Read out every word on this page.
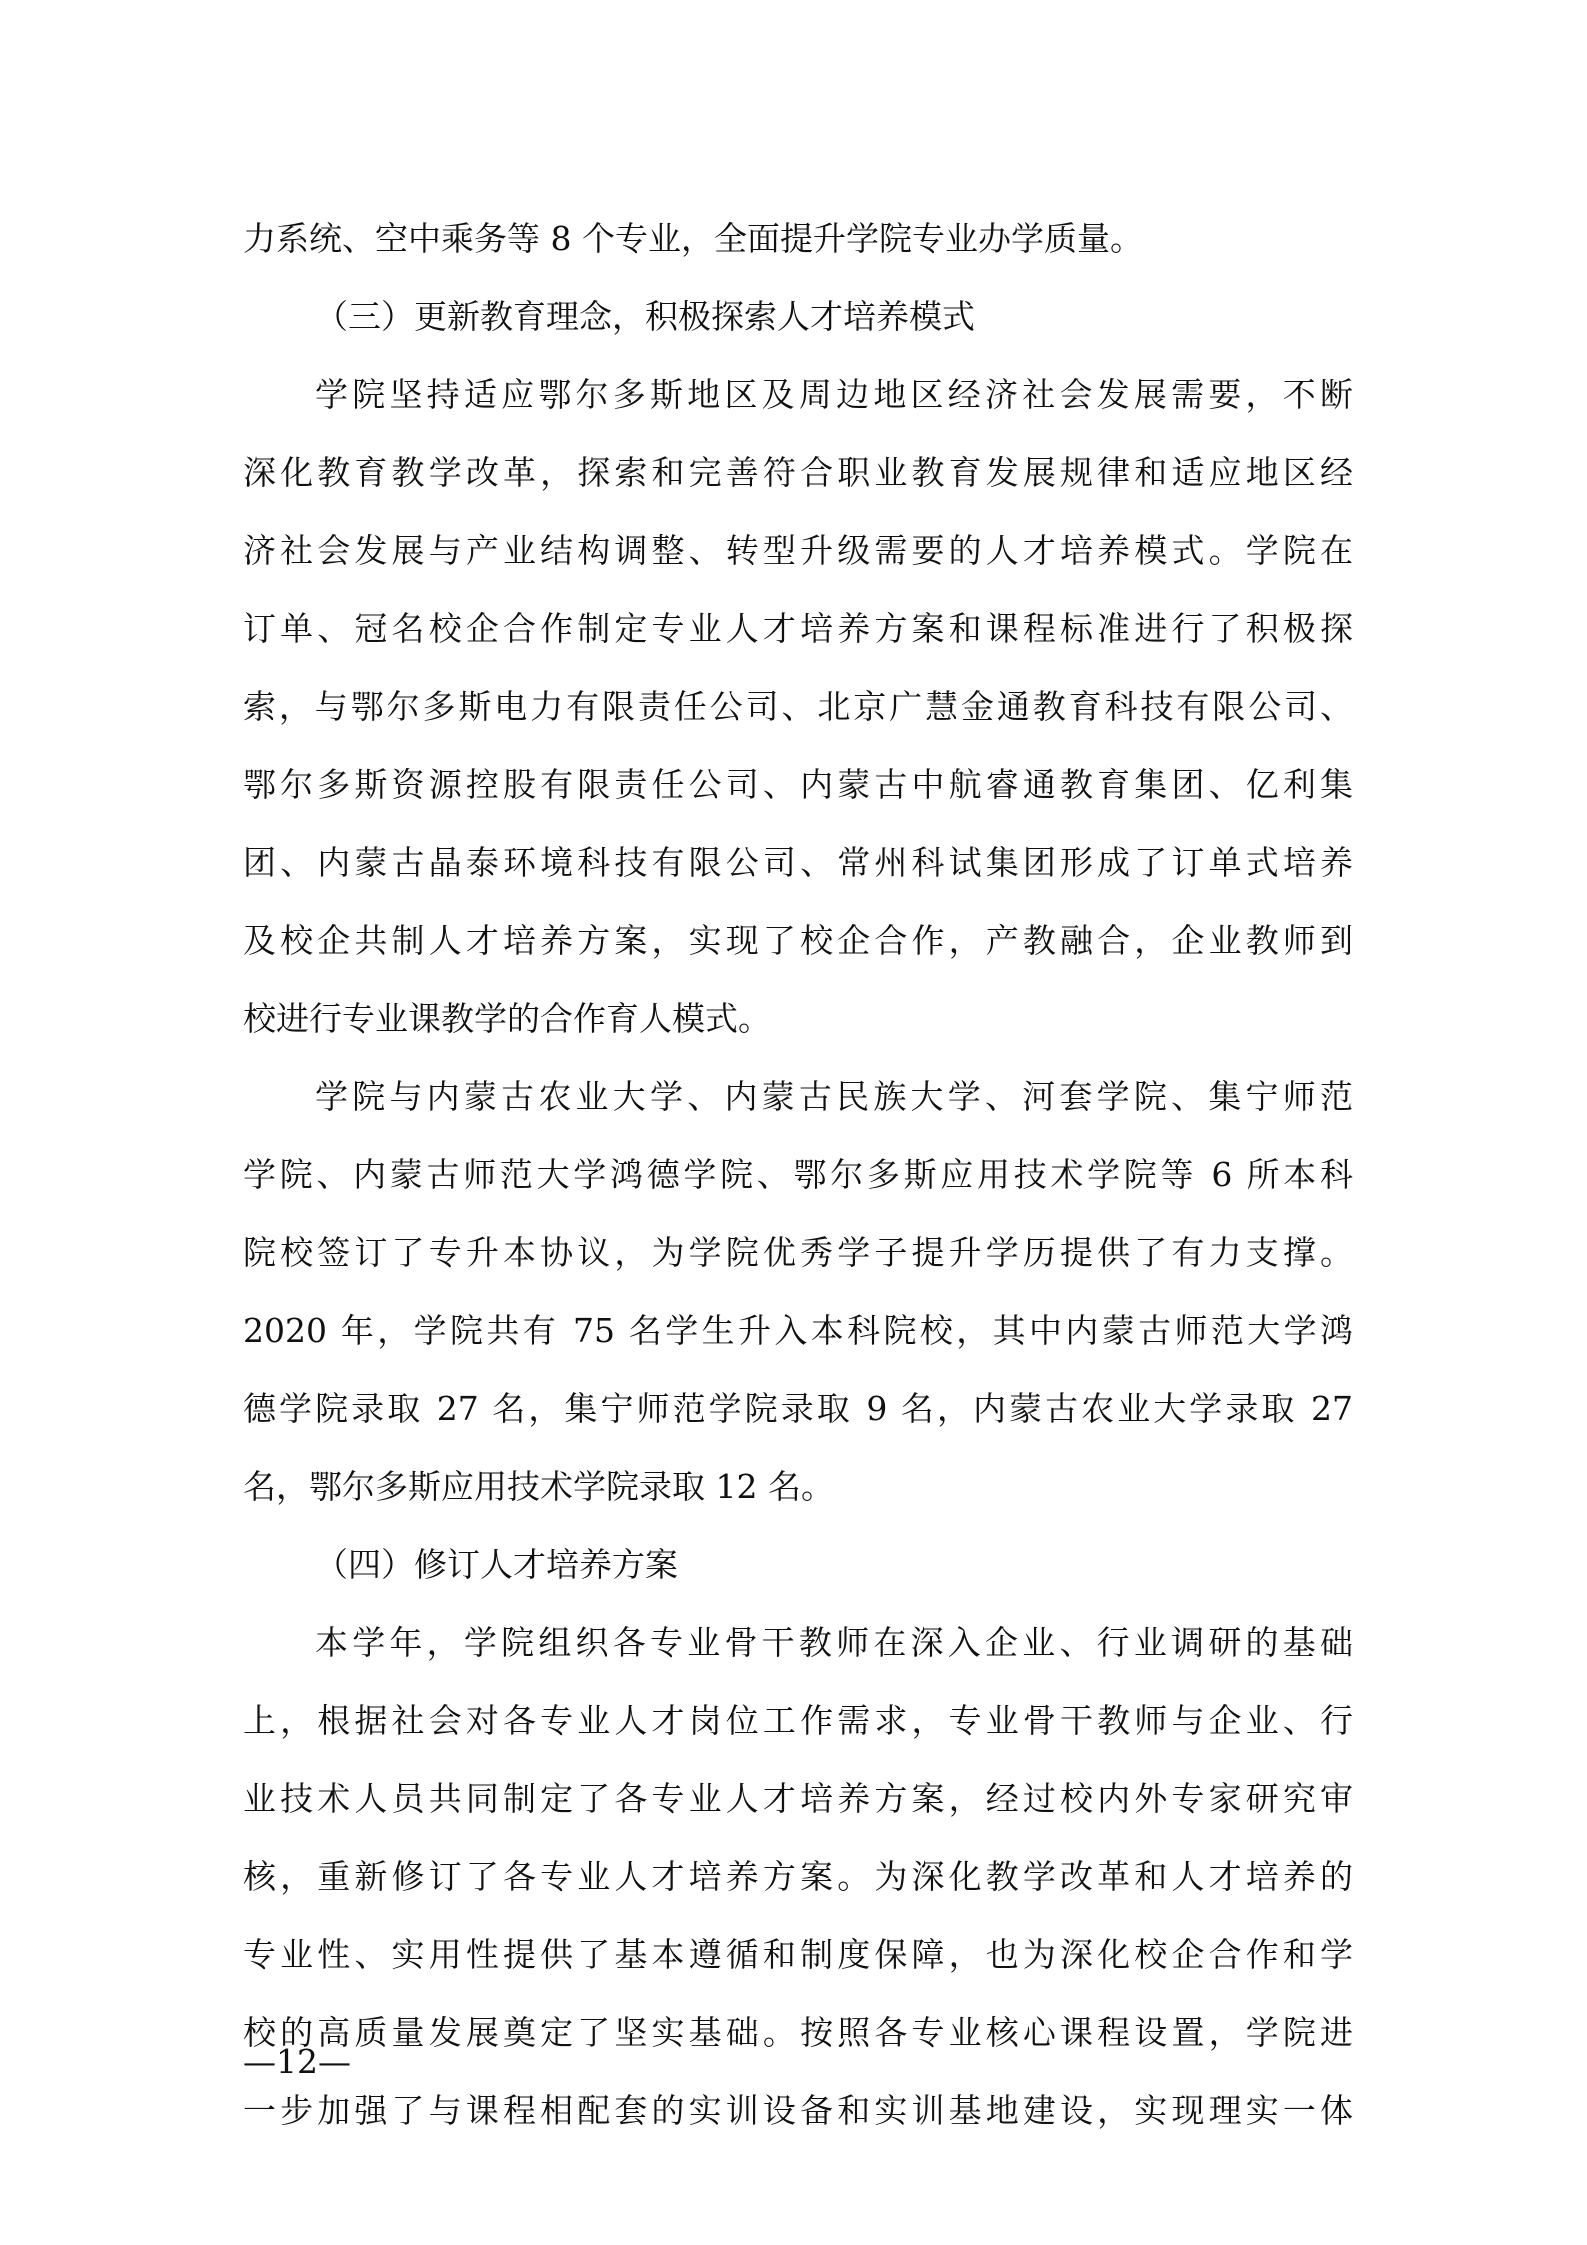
力系统、空中乘务等 8 个专业，全面提升学院专业办学质量。
（三）更新教育理念，积极探索人才培养模式
学院坚持适应鄂尔多斯地区及周边地区经济社会发展需要，不断
深化教育教学改革，探索和完善符合职业教育发展规律和适应地区经
济社会发展与产业结构调整、转型升级需要的人才培养模式。学院在
订单、冠名校企合作制定专业人才培养方案和课程标准进行了积极探
索，与鄂尔多斯电力有限责任公司、北京广慧金通教育科技有限公司、
鄂尔多斯资源控股有限责任公司、内蒙古中航睿通教育集团、亿利集
团、内蒙古晶泰环境科技有限公司、常州科试集团形成了订单式培养
及校企共制人才培养方案，实现了校企合作，产教融合，企业教师到
校进行专业课教学的合作育人模式。
学院与内蒙古农业大学、内蒙古民族大学、河套学院、集宁师范
学院、内蒙古师范大学鸿德学院、鄂尔多斯应用技术学院等 6 所本科
院校签订了专升本协议，为学院优秀学子提升学历提供了有力支撑。
2020 年，学院共有 75 名学生升入本科院校，其中内蒙古师范大学鸿
德学院录取 27 名，集宁师范学院录取 9 名，内蒙古农业大学录取 27
名，鄂尔多斯应用技术学院录取 12 名。
（四）修订人才培养方案
本学年，学院组织各专业骨干教师在深入企业、行业调研的基础
上，根据社会对各专业人才岗位工作需求，专业骨干教师与企业、行
业技术人员共同制定了各专业人才培养方案，经过校内外专家研究审
核，重新修订了各专业人才培养方案。为深化教学改革和人才培养的
专业性、实用性提供了基本遵循和制度保障，也为深化校企合作和学
校的高质量发展奠定了坚实基础。按照各专业核心课程设置，学院进
一步加强了与课程相配套的实训设备和实训基地建设，实现理实一体
—12—
